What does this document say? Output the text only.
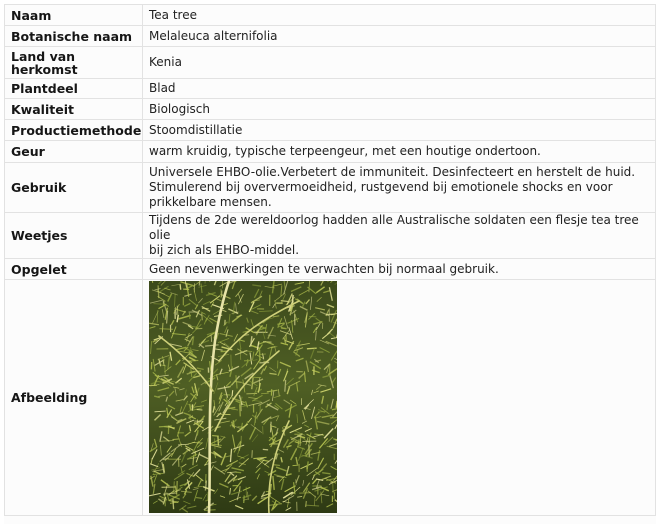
Naam	Tea tree
Botanische naam	Melaleuca alternifolia
Land van herkomst	Kenia
Plantdeel	Blad
Kwaliteit	Biologisch
Productiemethode	Stoomdistillatie
Geur	warm kruidig, typische terpeengeur, met een houtige ondertoon.
Gebruik	Universele EHBO-olie.Verbetert de immuniteit. Desinfecteert en herstelt de huid.

Stimulerend bij oververmoeidheid, rustgevend bij emotionele shocks en voor

prikkelbare mensen.

Weetjes	Tijdens de 2de wereldoorlog hadden alle Australische soldaten een flesje tea tree olie

bij zich als EHBO-middel.

Opgelet	Geen nevenwerkingen te verwachten bij normaal gebruik.
Afbeelding	
